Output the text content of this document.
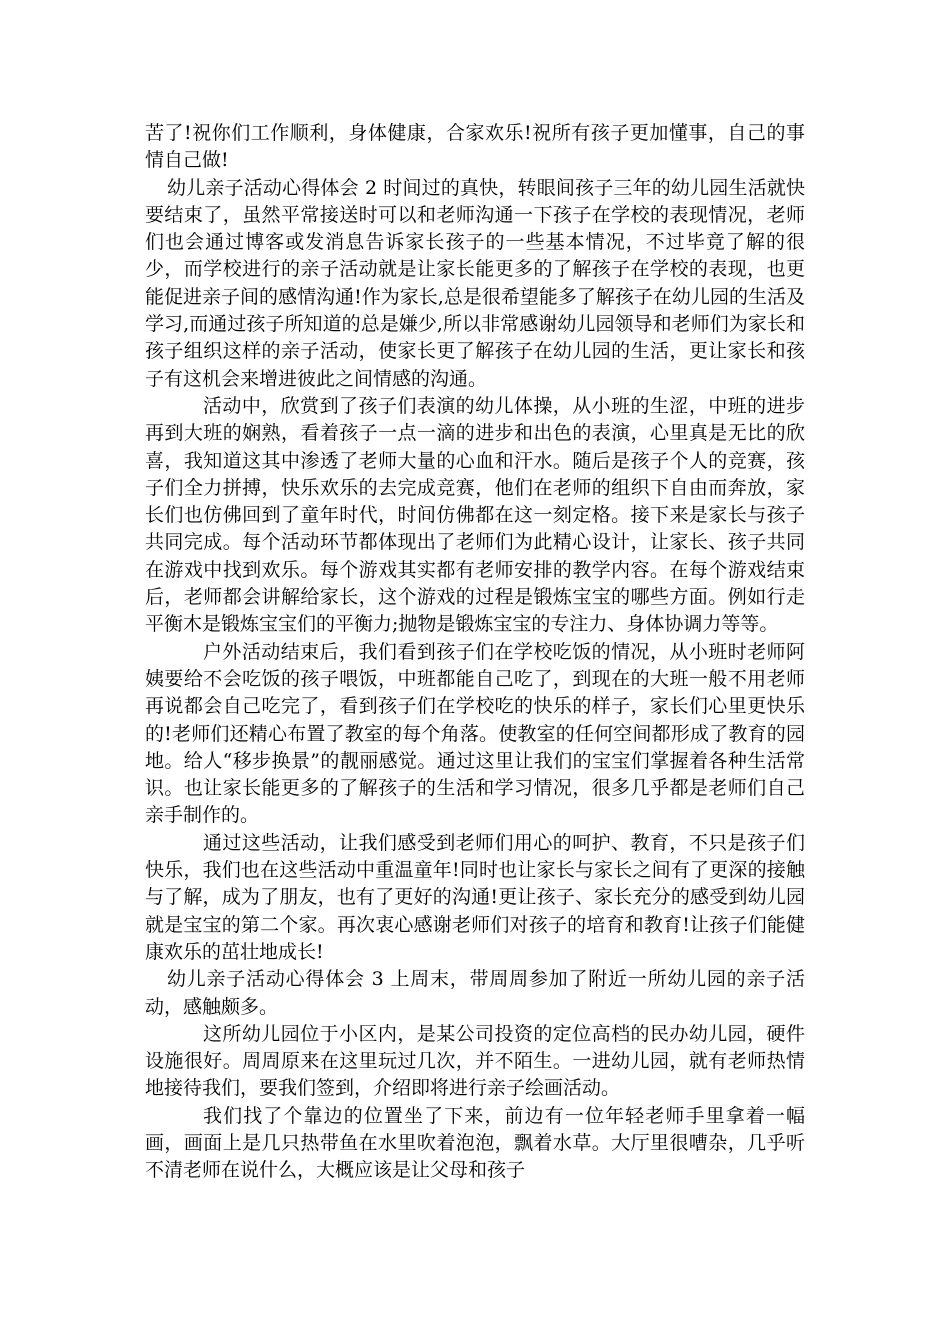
苦了!祝你们工作顺利，身体健康，合家欢乐!祝所有孩子更加懂事，自己的事情自己做!

幼儿亲子活动心得体会 2 时间过的真快，转眼间孩子三年的幼儿园生活就快要结束了，虽然平常接送时可以和老师沟通一下孩子在学校的表现情况，老师们也会通过博客或发消息告诉家长孩子的一些基本情况，不过毕竟了解的很少，而学校进行的亲子活动就是让家长能更多的了解孩子在学校的表现，也更能促进亲子间的感情沟通!作为家长,总是很希望能多了解孩子在幼儿园的生活及学习,而通过孩子所知道的总是嫌少,所以非常感谢幼儿园领导和老师们为家长和孩子组织这样的亲子活动，使家长更了解孩子在幼儿园的生活，更让家长和孩子有这机会来增进彼此之间情感的沟通。

活动中，欣赏到了孩子们表演的幼儿体操，从小班的生涩，中班的进步再到大班的娴熟，看着孩子一点一滴的进步和出色的表演，心里真是无比的欣喜，我知道这其中渗透了老师大量的心血和汗水。随后是孩子个人的竞赛，孩子们全力拼搏，快乐欢乐的去完成竞赛，他们在老师的组织下自由而奔放，家长们也仿佛回到了童年时代，时间仿佛都在这一刻定格。接下来是家长与孩子共同完成。每个活动环节都体现出了老师们为此精心设计，让家长、孩子共同在游戏中找到欢乐。每个游戏其实都有老师安排的教学内容。在每个游戏结束后，老师都会讲解给家长，这个游戏的过程是锻炼宝宝的哪些方面。例如行走平衡木是锻炼宝宝们的平衡力;抛物是锻炼宝宝的专注力、身体协调力等等。

户外活动结束后，我们看到孩子们在学校吃饭的情况，从小班时老师阿姨要给不会吃饭的孩子喂饭，中班都能自己吃了，到现在的大班一般不用老师再说都会自己吃完了，看到孩子们在学校吃的快乐的样子，家长们心里更快乐的!老师们还精心布置了教室的每个角落。使教室的任何空间都形成了教育的园地。给人“移步换景”的靓丽感觉。通过这里让我们的宝宝们掌握着各种生活常识。也让家长能更多的了解孩子的生活和学习情况，很多几乎都是老师们自己亲手制作的。

通过这些活动，让我们感受到老师们用心的呵护、教育，不只是孩子们快乐，我们也在这些活动中重温童年!同时也让家长与家长之间有了更深的接触与了解，成为了朋友，也有了更好的沟通!更让孩子、家长充分的感受到幼儿园就是宝宝的第二个家。再次衷心感谢老师们对孩子的培育和教育!让孩子们能健康欢乐的茁壮地成长!

幼儿亲子活动心得体会 3 上周末，带周周参加了附近一所幼儿园的亲子活动，感触颇多。

这所幼儿园位于小区内，是某公司投资的定位高档的民办幼儿园，硬件设施很好。周周原来在这里玩过几次，并不陌生。一进幼儿园，就有老师热情地接待我们，要我们签到，介绍即将进行亲子绘画活动。

我们找了个靠边的位置坐了下来，前边有一位年轻老师手里拿着一幅画，画面上是几只热带鱼在水里吹着泡泡，飘着水草。大厅里很嘈杂，几乎听不清老师在说什么，大概应该是让父母和孩子
